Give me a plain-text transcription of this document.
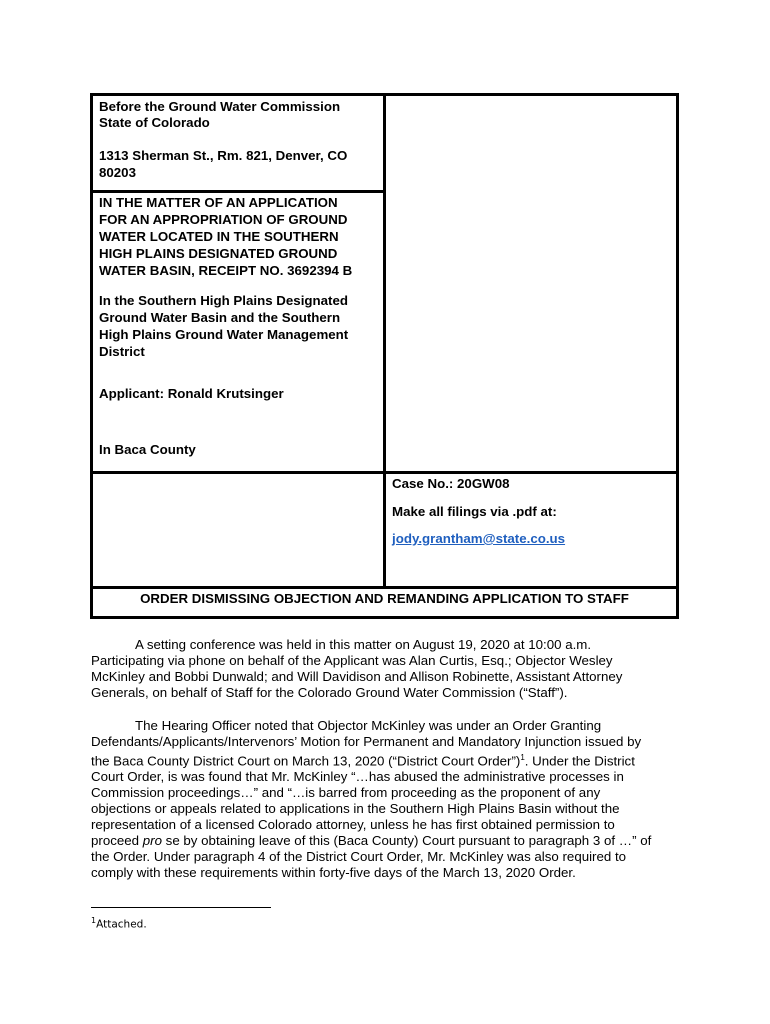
Before the Ground Water Commission
State of Colorado
1313 Sherman St., Rm. 821, Denver, CO
80203
IN THE MATTER OF AN APPLICATION
FOR AN APPROPRIATION OF GROUND
WATER LOCATED IN THE SOUTHERN
HIGH PLAINS DESIGNATED GROUND
WATER BASIN, RECEIPT NO. 3692394 B
In the Southern High Plains Designated
Ground Water Basin and the Southern
High Plains Ground Water Management
District
Applicant: Ronald Krutsinger
In Baca County
Case No.: 20GW08
Make all filings via .pdf at:
jody.grantham@state.co.us
ORDER DISMISSING OBJECTION AND REMANDING APPLICATION TO STAFF

A setting conference was held in this matter on August 19, 2020 at 10:00 a.m.

Participating via phone on behalf of the Applicant was Alan Curtis, Esq.; Objector Wesley

McKinley and Bobbi Dunwald; and Will Davidison and Allison Robinette, Assistant Attorney

Generals, on behalf of Staff for the Colorado Ground Water Commission (“Staff”).

The Hearing Officer noted that Objector McKinley was under an Order Granting

Defendants/Applicants/Intervenors’ Motion for Permanent and Mandatory Injunction issued by

the Baca County District Court on March 13, 2020 (“District Court Order”)$^1$. Under the District

Court Order, is was found that Mr. McKinley “…has abused the administrative processes in

Commission proceedings…” and “…is barred from proceeding as the proponent of any

objections or appeals related to applications in the Southern High Plains Basin without the

representation of a licensed Colorado attorney, unless he has first obtained permission to

proceed pro se by obtaining leave of this (Baca County) Court pursuant to paragraph 3 of …” of

the Order. Under paragraph 4 of the District Court Order, Mr. McKinley was also required to

comply with these requirements within forty-five days of the March 13, 2020 Order.

$^1$Attached.
